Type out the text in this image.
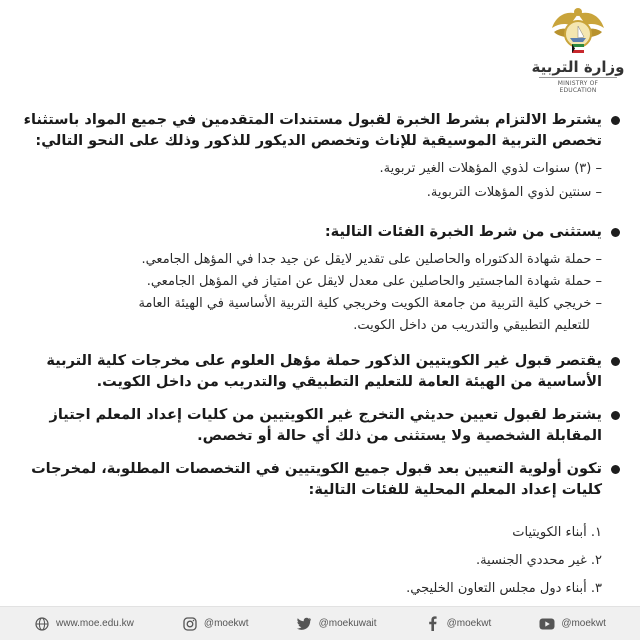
وزارة التربية
MINISTRY OF EDUCATION
يشترط الالتزام بشرط الخبرة لقبول مستندات المتقدمين في جميع المواد باستثناء تخصص التربية الموسيقية للإناث وتخصص الديكور للذكور وذلك على النحو التالي:
– (٣) سنوات لذوي المؤهلات الغير تربوية.
– سنتين لذوي المؤهلات التربوية.
يستثنى من شرط الخبرة الفئات التالية:
– حملة شهادة الدكتوراه والحاصلين على تقدير لايقل عن جيد جدا في المؤهل الجامعي.
– حملة شهادة الماجستير والحاصلين على معدل لايقل عن امتياز في المؤهل الجامعي.
– خريجي كلية التربية من جامعة الكويت وخريجي كلية التربية الأساسية في الهيئة العامة
للتعليم التطبيقي والتدريب من داخل الكويت.
يقتصر قبول غير الكويتيين الذكور حملة مؤهل العلوم على مخرجات كلية التربية الأساسية من الهيئة العامة للتعليم التطبيقي والتدريب من داخل الكويت.
يشترط لقبول تعيين حديثي التخرج غير الكويتيين من كليات إعداد المعلم اجتياز المقابلة الشخصية ولا يستثنى من ذلك أي حالة أو تخصص.
تكون أولوية التعيين بعد قبول جميع الكويتيين في التخصصات المطلوبة، لمخرجات كليات إعداد المعلم المحلية للفئات التالية:
١. أبناء الكويتيات
٢. غير محددي الجنسية.
٣. أبناء دول مجلس التعاون الخليجي.
www.moe.edu.kw	@moekwt	@moekuwait	@moekwt	@moekwt
